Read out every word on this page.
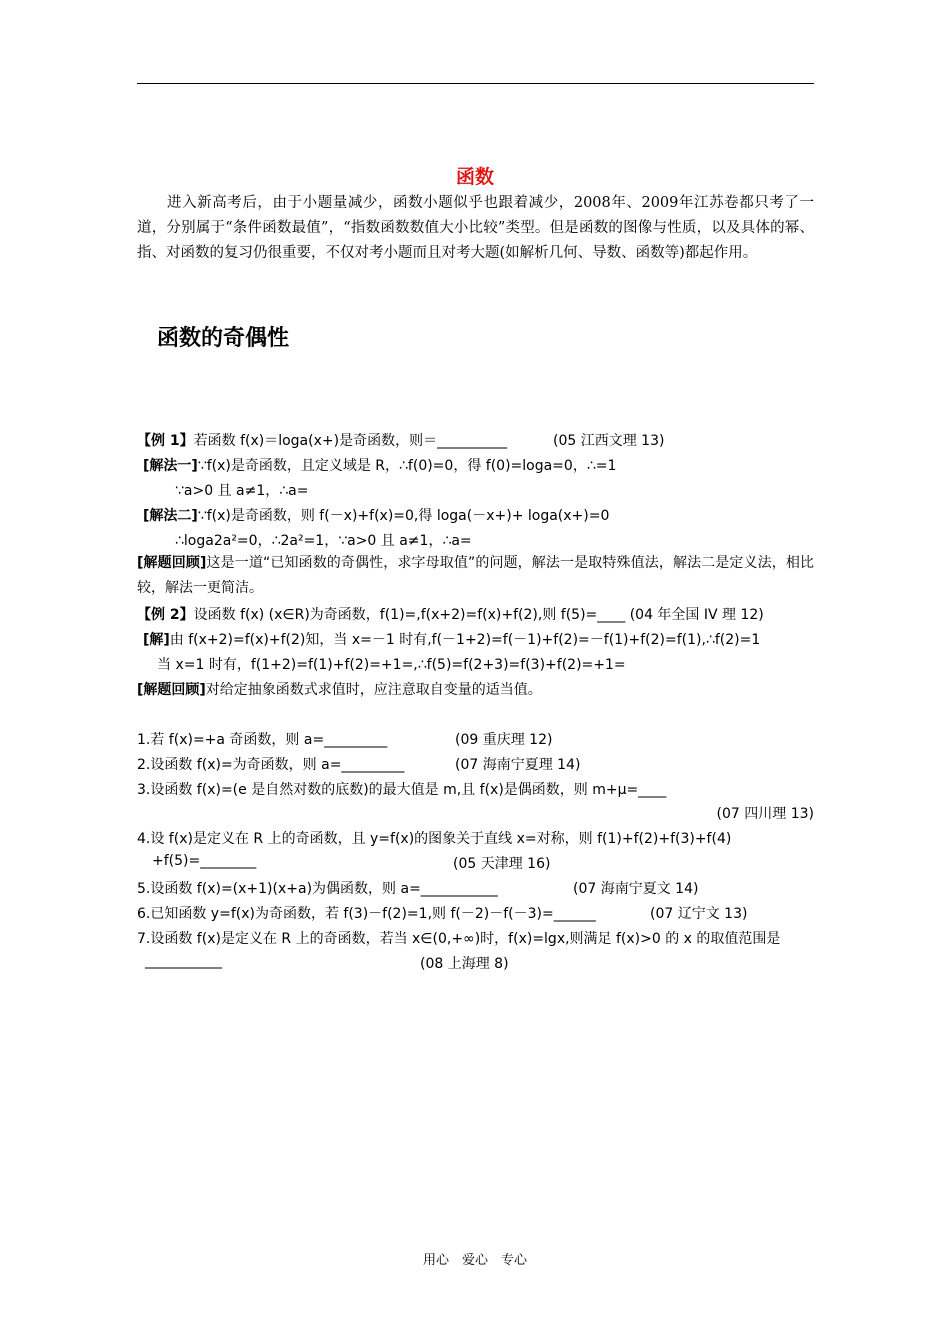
函数
进入新高考后，由于小题量减少，函数小题似乎也跟着减少，2008年、2009年江苏卷都只考了一道，分别属于“条件函数最值”，“指数函数数值大小比较”类型。但是函数的图像与性质，以及具体的幂、指、对函数的复习仍很重要，不仅对考小题而且对考大题(如解析几何、导数、函数等)都起作用。
函数的奇偶性
【例 1】若函数 f(x)＝loga(x+)是奇函数，则＝__________	(05 江西文理 13)
[解法一]∵f(x)是奇函数，且定义域是 R，∴f(0)=0，得 f(0)=loga=0，∴=1
∵a>0 且 a≠1，∴a=
[解法二]∵f(x)是奇函数，则 f(－x)+f(x)=0,得 loga(－x+)+ loga(x+)=0
∴loga2a²=0，∴2a²=1，∵a>0 且 a≠1，∴a=
[解题回顾]这是一道“已知函数的奇偶性，求字母取值”的问题，解法一是取特殊值法，解法二是定义法，相比较，解法一更简洁。
【例 2】设函数 f(x) (x∈R)为奇函数，f(1)=,f(x+2)=f(x)+f(2),则 f(5)=____ (04 年全国 IV 理 12)
[解]由 f(x+2)=f(x)+f(2)知，当 x=－1 时有,f(－1+2)=f(－1)+f(2)=－f(1)+f(2)=f(1),∴f(2)=1
当 x=1 时有，f(1+2)=f(1)+f(2)=+1=,∴f(5)=f(2+3)=f(3)+f(2)=+1=
[解题回顾]对给定抽象函数式求值时，应注意取自变量的适当值。
1.若 f(x)=+a 奇函数，则 a=_________	(09 重庆理 12)
2.设函数 f(x)=为奇函数，则 a=_________	(07 海南宁夏理 14)
3.设函数 f(x)=(e 是自然对数的底数)的最大值是 m,且 f(x)是偶函数，则 m+μ=____
(07 四川理 13)
4.设 f(x)是定义在 R 上的奇函数，且 y=f(x)的图象关于直线 x=对称，则 f(1)+f(2)+f(3)+f(4)
+f(5)=________	(05 天津理 16)
5.设函数 f(x)=(x+1)(x+a)为偶函数，则 a=___________	(07 海南宁夏文 14)
6.已知函数 y=f(x)为奇函数，若 f(3)－f(2)=1,则 f(－2)－f(－3)=______	(07 辽宁文 13)
7.设函数 f(x)是定义在 R 上的奇函数，若当 x∈(0,+∞)时，f(x)=lgx,则满足 f(x)>0 的 x 的取值范围是
___________	(08 上海理 8)
用心　爱心　专心
